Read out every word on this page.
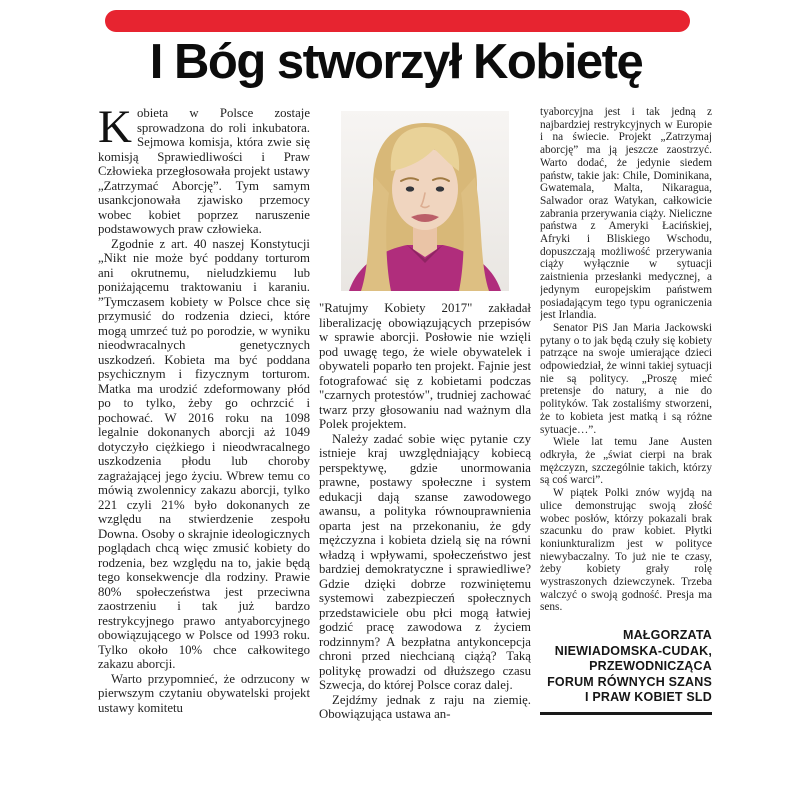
I Bóg stworzył Kobietę

Kobieta w Polsce zostaje sprowadzona do roli inkubatora. Sejmowa komisja, która zwie się komisją Sprawiedliwości i Praw Człowieka przegłosowała projekt ustawy „Zatrzymać Aborcję”. Tym samym usankcjonowała zjawisko przemocy wobec kobiet poprzez naruszenie podstawowych praw człowieka.

Zgodnie z art. 40 naszej Konstytucji „Nikt nie może być poddany torturom ani okrutnemu, nieludzkiemu lub poniżającemu traktowaniu i karaniu. ”Tymczasem kobiety w Polsce chce się przymusić do rodzenia dzieci, które mogą umrzeć tuż po porodzie, w wyniku nieodwracalnych genetycznych uszkodzeń. Kobieta ma być poddana psychicznym i fizycznym torturom. Matka ma urodzić zdeformowany płód po to tylko, żeby go ochrzcić i pochować. W 2016 roku na 1098 legalnie dokonanych aborcji aż 1049 dotyczyło ciężkiego i nieodwracalnego uszkodzenia płodu lub choroby zagrażającej jego życiu. Wbrew temu co mówią zwolennicy zakazu aborcji, tylko 221 czyli 21% było dokonanych ze względu na stwierdzenie zespołu Downa. Osoby o skrajnie ideologicznych poglądach chcą więc zmusić kobiety do rodzenia, bez względu na to, jakie będą tego konsekwencje dla rodziny. Prawie 80% społeczeństwa jest przeciwna zaostrzeniu i tak już bardzo restrykcyjnego prawo antyaborcyjnego obowiązującego w Polsce od 1993 roku. Tylko około 10% chce całkowitego zakazu aborcji.

Warto przypomnieć, że odrzucony w pierwszym czytaniu obywatelski projekt ustawy komitetu

"Ratujmy Kobiety 2017" zakładał liberalizację obowiązujących przepisów w sprawie aborcji. Posłowie nie wzięli pod uwagę tego, że wiele obywatelek i obywateli poparło ten projekt. Fajnie jest fotografować się z kobietami podczas "czarnych protestów", trudniej zachować twarz przy głosowaniu nad ważnym dla Polek projektem.

Należy zadać sobie więc pytanie czy istnieje kraj uwzględniający kobiecą perspektywę, gdzie unormowania prawne, postawy społeczne i system edukacji dają szanse zawodowego awansu, a polityka równouprawnienia oparta jest na przekonaniu, że gdy mężczyzna i kobieta dzielą się na równi władzą i wpływami, społeczeństwo jest bardziej demokratyczne i sprawiedliwe? Gdzie dzięki dobrze rozwiniętemu systemowi zabezpieczeń społecznych przedstawiciele obu płci mogą łatwiej godzić pracę zawodowa z życiem rodzinnym? A bezpłatna antykoncepcja chroni przed niechcianą ciążą? Taką politykę prowadzi od dłuższego czasu Szwecja, do której Polsce coraz dalej.

Zejdźmy jednak z raju na ziemię. Obowiązująca ustawa an-

tyaborcyjna jest i tak jedną z najbardziej restrykcyjnych w Europie i na świecie. Projekt „Zatrzymaj aborcję” ma ją jeszcze zaostrzyć. Warto dodać, że jedynie siedem państw, takie jak: Chile, Dominikana, Gwatemala, Malta, Nikaragua, Salwador oraz Watykan, całkowicie zabrania przerywania ciąży. Nieliczne państwa z Ameryki Łacińskiej, Afryki i Bliskiego Wschodu, dopuszczają możliwość przerywania ciąży wyłącznie w sytuacji zaistnienia przesłanki medycznej, a jedynym europejskim państwem posiadającym tego typu ograniczenia jest Irlandia.

Senator PiS Jan Maria Jackowski pytany o to jak będą czuły się kobiety patrzące na swoje umierające dzieci odpowiedział, że winni takiej sytuacji nie są politycy. „Proszę mieć pretensje do natury, a nie do polityków. Tak zostaliśmy stworzeni, że to kobieta jest matką i są różne sytuacje…”.

Wiele lat temu Jane Austen odkryła, że „świat cierpi na brak mężczyzn, szczególnie takich, którzy są coś warci”.

W piątek Polki znów wyjdą na ulice demonstrując swoją złość wobec posłów, którzy pokazali brak szacunku do praw kobiet. Płytki koniunkturalizm jest w polityce niewybaczalny. To już nie te czasy, żeby kobiety grały rolę wystraszonych dziewczynek. Trzeba walczyć o swoją godność. Presja ma sens.

MAŁGORZATA
NIEWIADOMSKA-CUDAK,
PRZEWODNICZĄCA
FORUM RÓWNYCH SZANS
I PRAW KOBIET SLD
